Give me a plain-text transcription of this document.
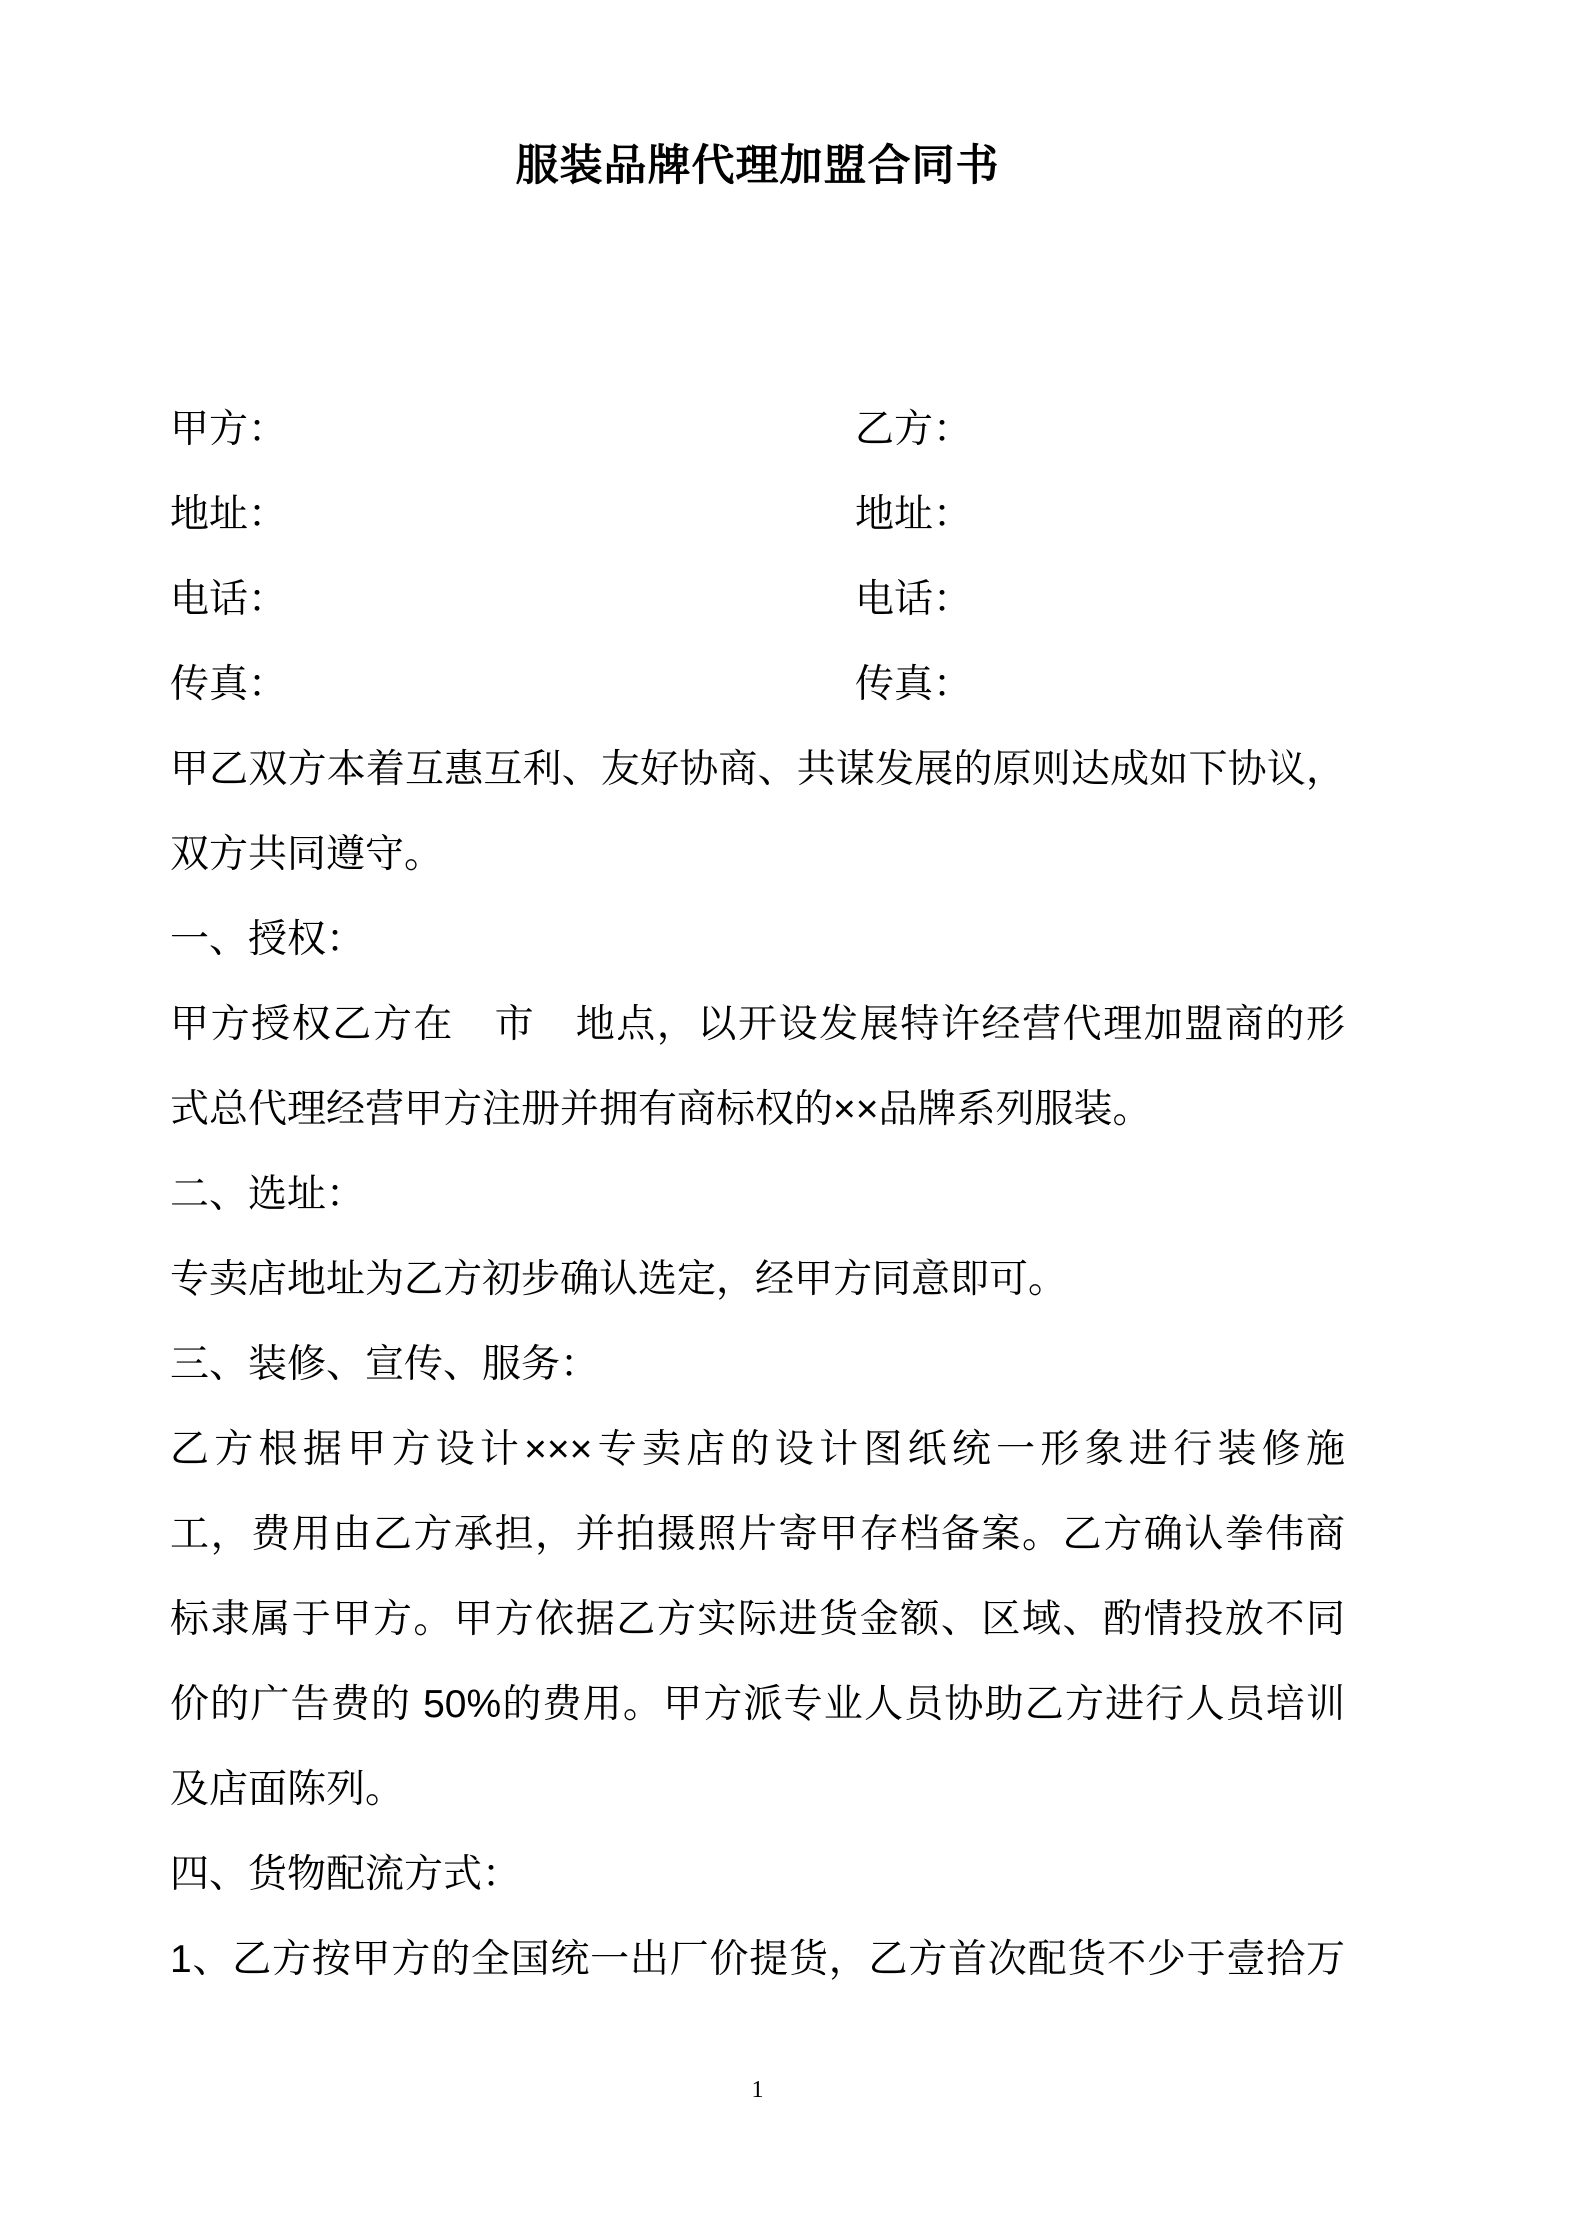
服装品牌代理加盟合同书
甲方：	乙方：
地址：	地址：
电话：	电话：
传真：	传真：
甲乙双方本着互惠互利、友好协商、共谋发展的原则达成如下协议，
双方共同遵守。
一、授权：
甲方授权乙方在　市　地点，以开设发展特许经营代理加盟商的形
式总代理经营甲方注册并拥有商标权的××品牌系列服装。
二、选址：
专卖店地址为乙方初步确认选定，经甲方同意即可。
三、装修、宣传、服务：
乙方根据甲方设计×××专卖店的设计图纸统一形象进行装修施
工，费用由乙方承担，并拍摄照片寄甲存档备案。乙方确认拳伟商
标隶属于甲方。甲方依据乙方实际进货金额、区域、酌情投放不同
价的广告费的 50%的费用。甲方派专业人员协助乙方进行人员培训
及店面陈列。
四、货物配流方式：
1、乙方按甲方的全国统一出厂价提货，乙方首次配货不少于壹拾万
1
